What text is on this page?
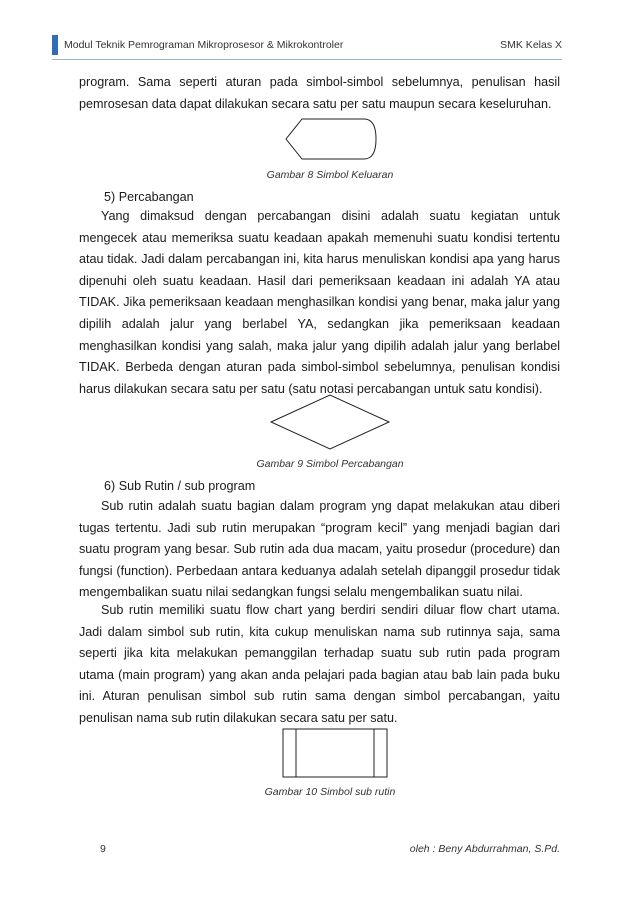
Modul Teknik Pemrograman Mikroprosesor & Mikrokontroler	SMK Kelas X

program. Sama seperti aturan pada simbol-simbol sebelumnya, penulisan hasil pemrosesan data dapat dilakukan secara satu per satu maupun secara keseluruhan.

Gambar 8 Simbol Keluaran
5) Percabangan

Yang dimaksud dengan percabangan disini adalah suatu kegiatan untuk mengecek atau memeriksa suatu keadaan apakah memenuhi suatu kondisi tertentu atau tidak. Jadi dalam percabangan ini, kita harus menuliskan kondisi apa yang harus dipenuhi oleh suatu keadaan. Hasil dari pemeriksaan keadaan ini adalah YA atau TIDAK. Jika pemeriksaan keadaan menghasilkan kondisi yang benar, maka jalur yang dipilih adalah jalur yang berlabel YA, sedangkan jika pemeriksaan keadaan menghasilkan kondisi yang salah, maka jalur yang dipilih adalah jalur yang berlabel TIDAK. Berbeda dengan aturan pada simbol-simbol sebelumnya, penulisan kondisi harus dilakukan secara satu per satu (satu notasi percabangan untuk satu kondisi).

Gambar 9 Simbol Percabangan
6) Sub Rutin / sub program

Sub rutin adalah suatu bagian dalam program yng dapat melakukan atau diberi tugas tertentu. Jadi sub rutin merupakan “program kecil” yang menjadi bagian dari suatu program yang besar. Sub rutin ada dua macam, yaitu prosedur (procedure) dan fungsi (function). Perbedaan antara keduanya adalah setelah dipanggil prosedur tidak mengembalikan suatu nilai sedangkan fungsi selalu mengembalikan suatu nilai.

Sub rutin memiliki suatu flow chart yang berdiri sendiri diluar flow chart utama. Jadi dalam simbol sub rutin, kita cukup menuliskan nama sub rutinnya saja, sama seperti jika kita melakukan pemanggilan terhadap suatu sub rutin pada program utama (main program) yang akan anda pelajari pada bagian atau bab lain pada buku ini. Aturan penulisan simbol sub rutin sama dengan simbol percabangan, yaitu penulisan nama sub rutin dilakukan secara satu per satu.

Gambar 10 Simbol sub rutin
9	oleh : Beny Abdurrahman, S.Pd.
